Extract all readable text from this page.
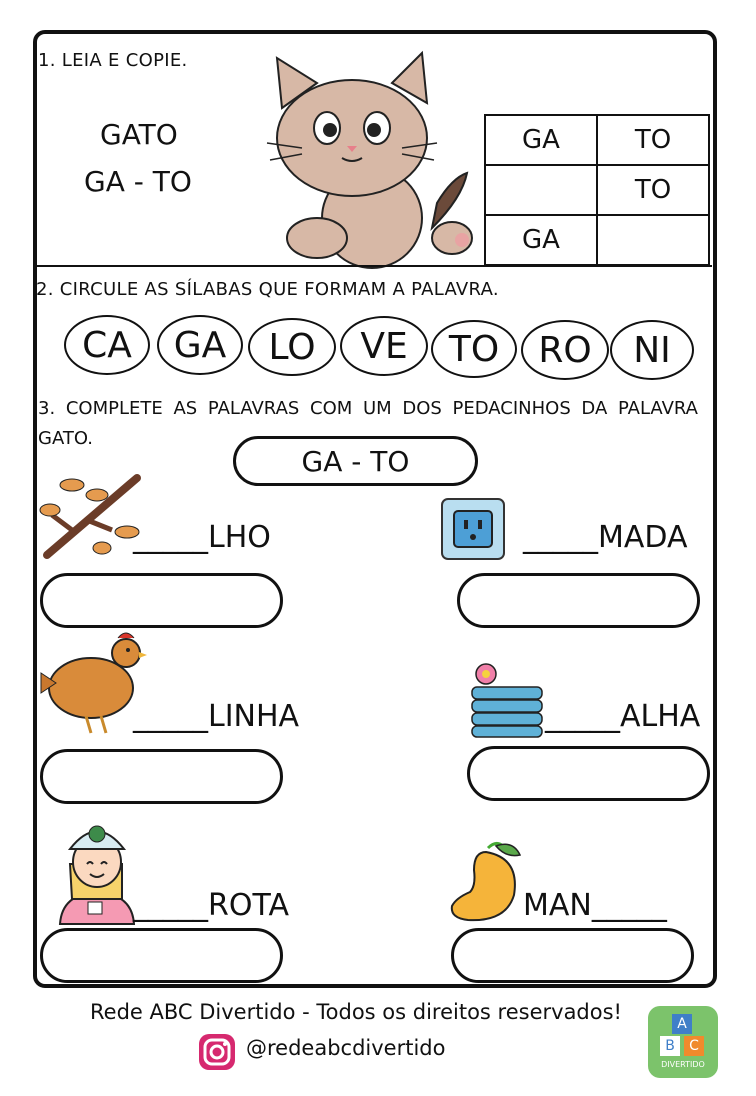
1. LEIA E COPIE.
GATO
GA - TO
GA	TO
	TO
GA	
2. CIRCULE AS SÍLABAS QUE FORMAM A PALAVRA.
CA	GA	LO	VE	TO	RO	NI
3. COMPLETE AS PALAVRAS COM UM DOS PEDACINHOS DA PALAVRA GATO.
GA - TO
_____LHO	_____MADA
_____LINHA	_____ALHA
_____ROTA	MAN_____
Rede ABC Divertido - Todos os direitos reservados!
@redeabcdivertido
A
B	C
DIVERTIDO
